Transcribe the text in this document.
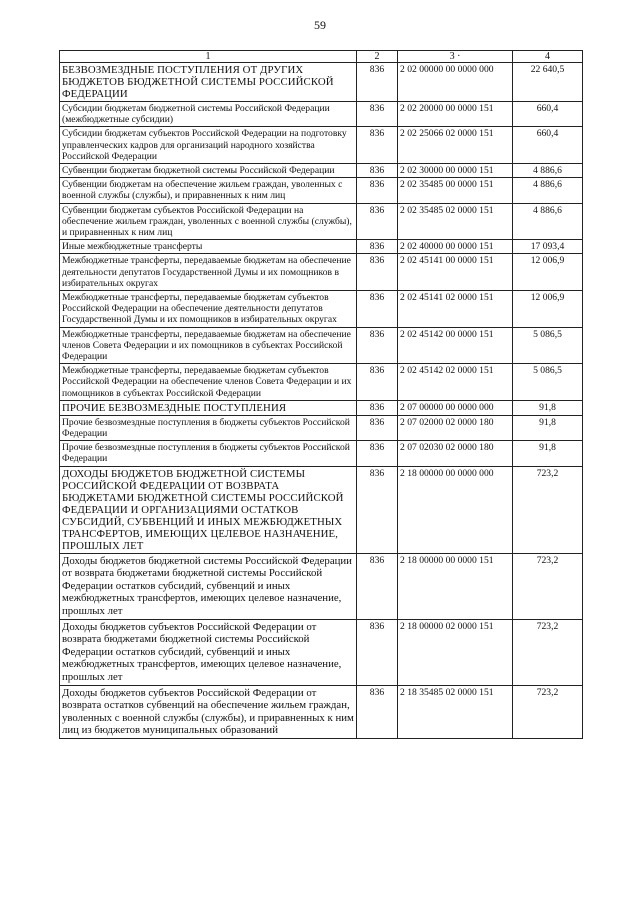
59
1	2	3 ·	4
БЕЗВОЗМЕЗДНЫЕ ПОСТУПЛЕНИЯ ОТ ДРУГИХ БЮДЖЕТОВ БЮДЖЕТНОЙ СИСТЕМЫ РОССИЙСКОЙ ФЕДЕРАЦИИ	836	2 02 00000 00 0000 000	22 640,5
Субсидии бюджетам бюджетной системы Российской Федерации (межбюджетные субсидии)	836	2 02 20000 00 0000 151	660,4
Субсидии бюджетам субъектов Российской Федерации на подготовку управленческих кадров для организаций народного хозяйства Российской Федерации	836	2 02 25066 02 0000 151	660,4
Субвенции бюджетам бюджетной системы Российской Федерации	836	2 02 30000 00 0000 151	4 886,6
Субвенции бюджетам на обеспечение жильем граждан, уволенных с военной службы (службы), и приравненных к ним лиц	836	2 02 35485 00 0000 151	4 886,6
Субвенции бюджетам субъектов Российской Федерации на обеспечение жильем граждан, уволенных с военной службы (службы), и приравненных к ним лиц	836	2 02 35485 02 0000 151	4 886,6
Иные межбюджетные трансферты	836	2 02 40000 00 0000 151	17 093,4
Межбюджетные трансферты, передаваемые бюджетам на обеспечение деятельности депутатов Государственной Думы и их помощников в избирательных округах	836	2 02 45141 00 0000 151	12 006,9
Межбюджетные трансферты, передаваемые бюджетам субъектов Российской Федерации на обеспечение деятельности депутатов Государственной Думы и их помощников в избирательных округах	836	2 02 45141 02 0000 151	12 006,9
Межбюджетные трансферты, передаваемые бюджетам на обеспечение членов Совета Федерации и их помощников в субъектах Российской Федерации	836	2 02 45142 00 0000 151	5 086,5
Межбюджетные трансферты, передаваемые бюджетам субъектов Российской Федерации на обеспечение членов Совета Федерации и их помощников в субъектах Российской Федерации	836	2 02 45142 02 0000 151	5 086,5
ПРОЧИЕ БЕЗВОЗМЕЗДНЫЕ ПОСТУПЛЕНИЯ	836	2 07 00000 00 0000 000	91,8
Прочие безвозмездные поступления в бюджеты субъектов Российской Федерации	836	2 07 02000 02 0000 180	91,8
Прочие безвозмездные поступления в бюджеты субъектов Российской Федерации	836	2 07 02030 02 0000 180	91,8
ДОХОДЫ БЮДЖЕТОВ БЮДЖЕТНОЙ СИСТЕМЫ РОССИЙСКОЙ ФЕДЕРАЦИИ ОТ ВОЗВРАТА БЮДЖЕТАМИ БЮДЖЕТНОЙ СИСТЕМЫ РОССИЙСКОЙ ФЕДЕРАЦИИ И ОРГАНИЗАЦИЯМИ ОСТАТКОВ СУБСИДИЙ, СУБВЕНЦИЙ И ИНЫХ МЕЖБЮДЖЕТНЫХ ТРАНСФЕРТОВ, ИМЕЮЩИХ ЦЕЛЕВОЕ НАЗНАЧЕНИЕ, ПРОШЛЫХ ЛЕТ	836	2 18 00000 00 0000 000	723,2
Доходы бюджетов бюджетной системы Российской Федерации от возврата бюджетами бюджетной системы Российской Федерации остатков субсидий, субвенций и иных межбюджетных трансфертов, имеющих целевое назначение, прошлых лет	836	2 18 00000 00 0000 151	723,2
Доходы бюджетов субъектов Российской Федерации от возврата бюджетами бюджетной системы Российской Федерации остатков субсидий, субвенций и иных межбюджетных трансфертов, имеющих целевое назначение, прошлых лет	836	2 18 00000 02 0000 151	723,2
Доходы бюджетов субъектов Российской Федерации от возврата остатков субвенций на обеспечение жильем граждан, уволенных с военной службы (службы), и приравненных к ним лиц из бюджетов муниципальных образований	836	2 18 35485 02 0000 151	723,2
